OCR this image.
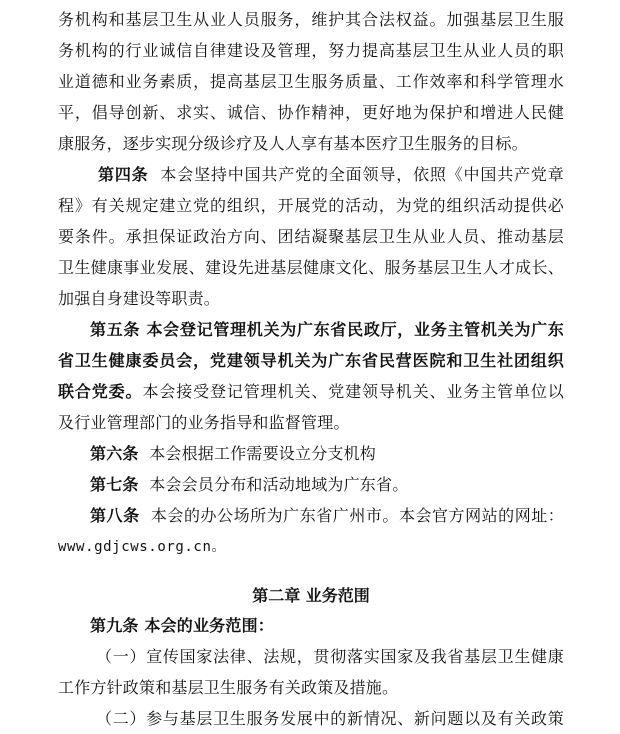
务机构和基层卫生从业人员服务，维护其合法权益。加强基层卫生服
务机构的行业诚信自律建设及管理，努力提高基层卫生从业人员的职
业道德和业务素质，提高基层卫生服务质量、工作效率和科学管理水
平，倡导创新、求实、诚信、协作精神，更好地为保护和增进人民健
康服务，逐步实现分级诊疗及人人享有基本医疗卫生服务的目标。
第四条 本会坚持中国共产党的全面领导，依照《中国共产党章
程》有关规定建立党的组织，开展党的活动，为党的组织活动提供必
要条件。承担保证政治方向、团结凝聚基层卫生从业人员、推动基层
卫生健康事业发展、建设先进基层健康文化、服务基层卫生人才成长、
加强自身建设等职责。
第五条 本会登记管理机关为广东省民政厅，业务主管机关为广东
省卫生健康委员会，党建领导机关为广东省民营医院和卫生社团组织
联合党委。本会接受登记管理机关、党建领导机关、业务主管单位以
及行业管理部门的业务指导和监督管理。
第六条 本会根据工作需要设立分支机构
第七条 本会会员分布和活动地域为广东省。
第八条 本会的办公场所为广东省广州市。本会官方网站的网址：
www.gdjcws.org.cn。
第二章 业务范围
第九条 本会的业务范围：
（一）宣传国家法律、法规，贯彻落实国家及我省基层卫生健康
工作方针政策和基层卫生服务有关政策及措施。
（二）参与基层卫生服务发展中的新情况、新问题以及有关政策
